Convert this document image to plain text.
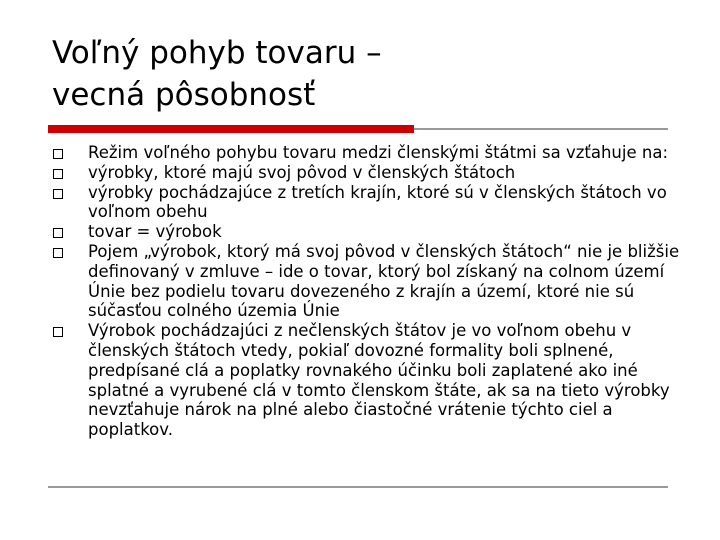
Voľný pohyb tovaru –
vecná pôsobnosť
Režim voľného pohybu tovaru medzi členskými štátmi sa vzťahuje na:
výrobky, ktoré majú svoj pôvod v členských štátoch
výrobky pochádzajúce z tretích krajín, ktoré sú v členských štátoch vo voľnom obehu
tovar = výrobok
Pojem „výrobok, ktorý má svoj pôvod v členských štátoch“ nie je bližšie definovaný v zmluve – ide o tovar, ktorý bol získaný na colnom území Únie bez podielu tovaru dovezeného z krajín a území, ktoré nie sú súčasťou colného územia Únie
Výrobok pochádzajúci z nečlenských štátov je vo voľnom obehu v členských štátoch vtedy, pokiaľ dovozné formality boli splnené, predpísané clá a poplatky rovnakého účinku boli zaplatené ako iné splatné a vyrubené clá v tomto členskom štáte, ak sa na tieto výrobky nevzťahuje nárok na plné alebo čiastočné vrátenie týchto ciel a poplatkov.
